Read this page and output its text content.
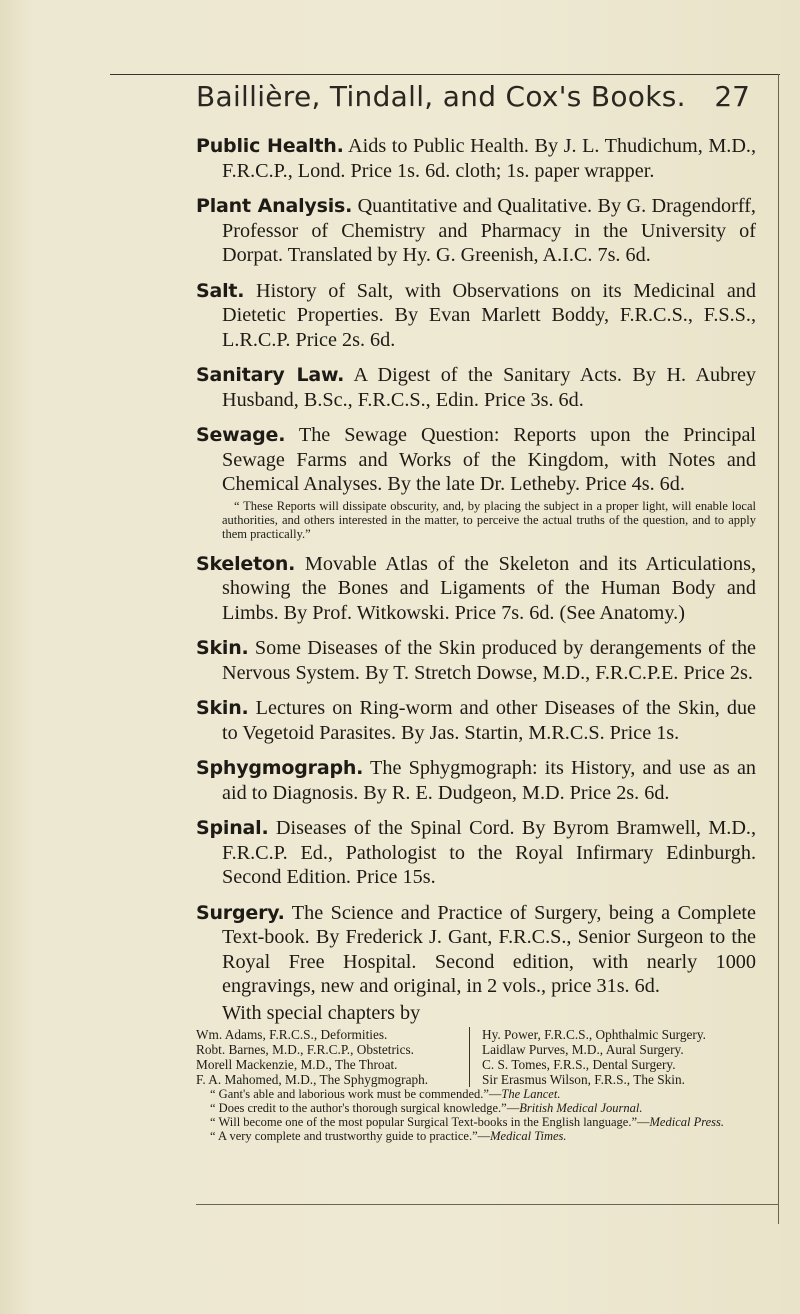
Baillière, Tindall, and Cox's Books. 27

Public Health. Aids to Public Health. By J. L. Thudichum, M.D., F.R.C.P., Lond. Price 1s. 6d. cloth; 1s. paper wrapper.

Plant Analysis. Quantitative and Qualitative. By G. Dragendorff, Professor of Chemistry and Pharmacy in the University of Dorpat. Translated by Hy. G. Greenish, A.I.C. 7s. 6d.

Salt. History of Salt, with Observations on its Medicinal and Dietetic Properties. By Evan Marlett Boddy, F.R.C.S., F.S.S., L.R.C.P. Price 2s. 6d.

Sanitary Law. A Digest of the Sanitary Acts. By H. Aubrey Husband, B.Sc., F.R.C.S., Edin. Price 3s. 6d.

Sewage. The Sewage Question: Reports upon the Principal Sewage Farms and Works of the Kingdom, with Notes and Chemical Analyses. By the late Dr. Letheby. Price 4s. 6d.
“ These Reports will dissipate obscurity, and, by placing the subject in a proper light, will enable local authorities, and others interested in the matter, to perceive the actual truths of the question, and to apply them practically.”

Skeleton. Movable Atlas of the Skeleton and its Articulations, showing the Bones and Ligaments of the Human Body and Limbs. By Prof. Witkowski. Price 7s. 6d. (See Anatomy.)

Skin. Some Diseases of the Skin produced by derangements of the Nervous System. By T. Stretch Dowse, M.D., F.R.C.P.E. Price 2s.

Skin. Lectures on Ring-worm and other Diseases of the Skin, due to Vegetoid Parasites. By Jas. Startin, M.R.C.S. Price 1s.

Sphygmograph. The Sphygmograph: its History, and use as an aid to Diagnosis. By R. E. Dudgeon, M.D. Price 2s. 6d.

Spinal. Diseases of the Spinal Cord. By Byrom Bramwell, M.D., F.R.C.P. Ed., Pathologist to the Royal Infirmary Edinburgh. Second Edition. Price 15s.

Surgery. The Science and Practice of Surgery, being a Complete Text-book. By Frederick J. Gant, F.R.C.S., Senior Surgeon to the Royal Free Hospital. Second edition, with nearly 1000 engravings, new and original, in 2 vols., price 31s. 6d.

With special chapters by
Wm. Adams, F.R.C.S., Deformities.
Robt. Barnes, M.D., F.R.C.P., Obstetrics.
Morell Mackenzie, M.D., The Throat.
F. A. Mahomed, M.D., The Sphygmograph.
Hy. Power, F.R.C.S., Ophthalmic Surgery.
Laidlaw Purves, M.D., Aural Surgery.
C. S. Tomes, F.R.S., Dental Surgery.
Sir Erasmus Wilson, F.R.S., The Skin.

“ Gant's able and laborious work must be commended.”—The Lancet.

“ Does credit to the author's thorough surgical knowledge.”—British Medical Journal.

“ Will become one of the most popular Surgical Text-books in the English language.”—Medical Press.

“ A very complete and trustworthy guide to practice.”—Medical Times.
